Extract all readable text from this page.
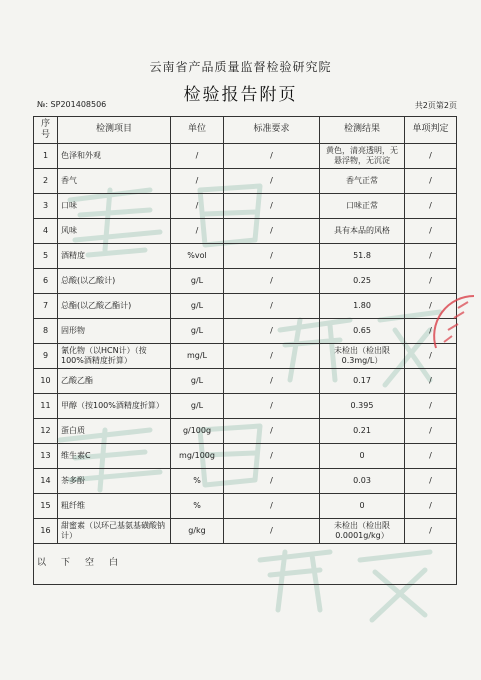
云南省产品质量监督检验研究院
检验报告附页
№: SP201408506	共2页第2页
序号	检测项目	单位	标准要求	检测结果	单项判定
1	色泽和外观	/	/	黄色，清亮透明，无悬浮物，无沉淀	/
2	香气	/	/	香气正常	/
3	口味	/	/	口味正常	/
4	风味	/	/	具有本品的风格	/
5	酒精度	%vol	/	51.8	/
6	总酸(以乙酸计)	g/L	/	0.25	/
7	总酯(以乙酸乙酯计)	g/L	/	1.80	/
8	固形物	g/L	/	0.65	/
9	氰化物（以HCN计）（按100%酒精度折算）	mg/L	/	未检出（检出限0.3mg/L）	/
10	乙酸乙酯	g/L	/	0.17	/
11	甲醇（按100%酒精度折算）	g/L	/	0.395	/
12	蛋白质	g/100g	/	0.21	/
13	维生素C	mg/100g	/	0	/
14	茶多酚	%	/	0.03	/
15	粗纤维	%	/	0	/
16	甜蜜素（以环己基氨基磺酸钠计）	g/kg	/	未检出（检出限0.0001g/kg）	/
以下空白					
